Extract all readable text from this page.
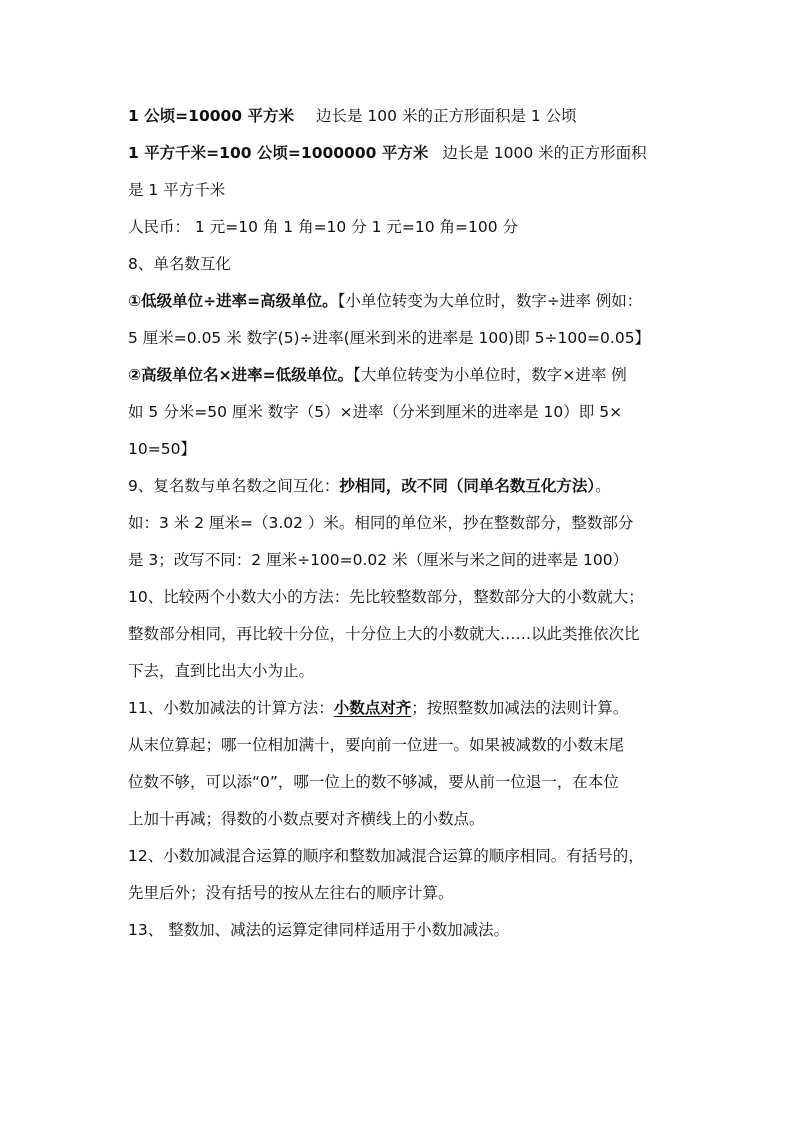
1 公顷=10000 平方米 边长是 100 米的正方形面积是 1 公顷
1 平方千米=100 公顷=1000000 平方米 边长是 1000 米的正方形面积
是 1 平方千米
人民币： 1 元=10 角 1 角=10 分 1 元=10 角=100 分
8、单名数互化
①低级单位÷进率=高级单位。【小单位转变为大单位时，数字÷进率 例如：
5 厘米=0.05 米 数字(5)÷进率(厘米到米的进率是 100)即 5÷100=0.05】
②高级单位名×进率=低级单位。【大单位转变为小单位时，数字×进率 例
如 5 分米=50 厘米 数字（5）×进率（分米到厘米的进率是 10）即 5×
10=50】
9、复名数与单名数之间互化：抄相同，改不同（同单名数互化方法）。
如：3 米 2 厘米=（3.02 ）米。相同的单位米，抄在整数部分，整数部分
是 3；改写不同：2 厘米÷100=0.02 米（厘米与米之间的进率是 100）
10、比较两个小数大小的方法：先比较整数部分，整数部分大的小数就大；
整数部分相同，再比较十分位，十分位上大的小数就大……以此类推依次比
下去，直到比出大小为止。
11、小数加减法的计算方法：小数点对齐；按照整数加减法的法则计算。
从末位算起；哪一位相加满十，要向前一位进一。如果被减数的小数末尾
位数不够，可以添“0”，哪一位上的数不够减，要从前一位退一，在本位
上加十再减；得数的小数点要对齐横线上的小数点。
12、小数加减混合运算的顺序和整数加减混合运算的顺序相同。有括号的，
先里后外；没有括号的按从左往右的顺序计算。
13、 整数加、减法的运算定律同样适用于小数加减法。
